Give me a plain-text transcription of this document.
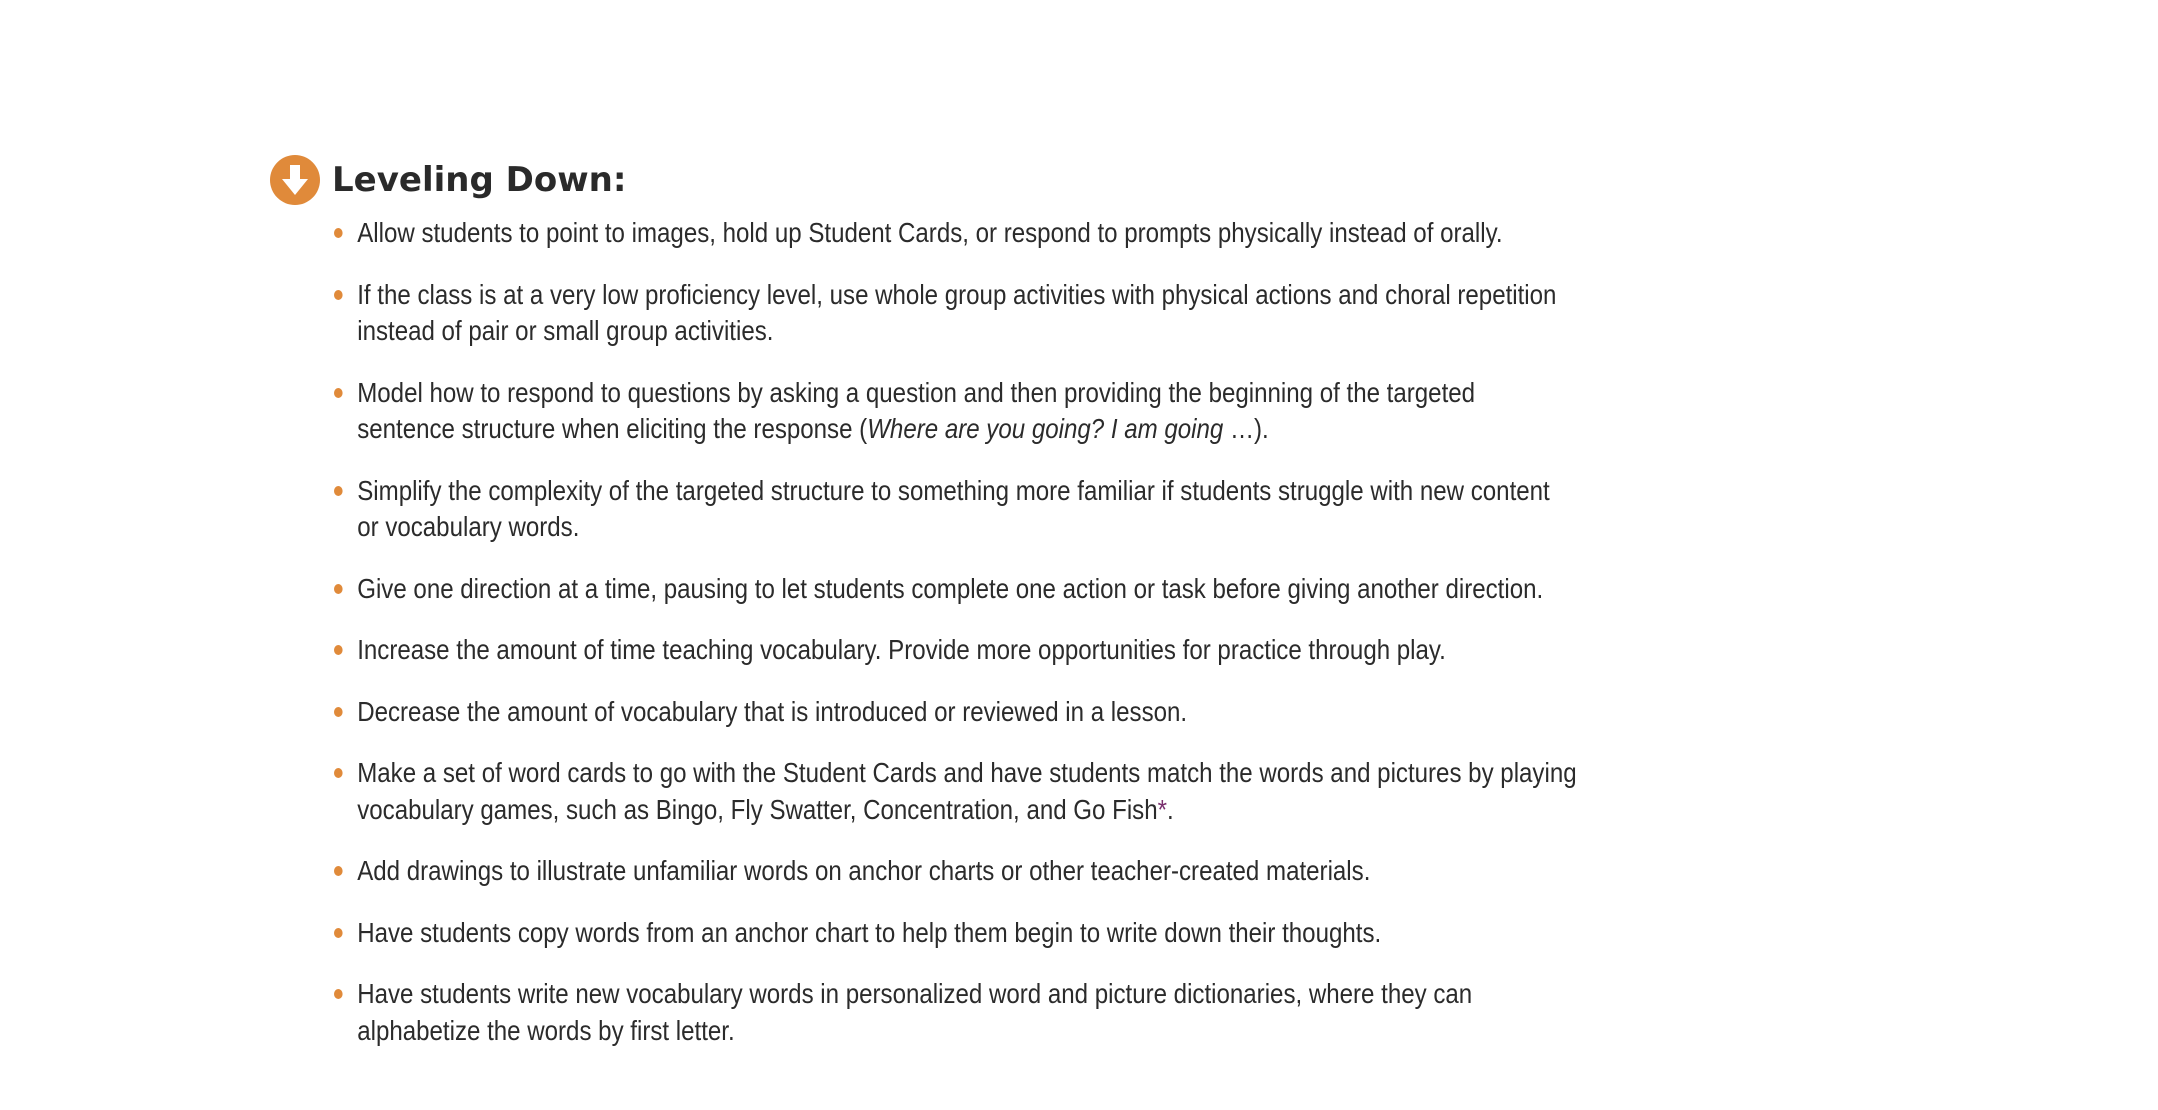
Leveling Down:
Allow students to point to images, hold up Student Cards, or respond to prompts physically instead of orally.
If the class is at a very low proficiency level, use whole group activities with physical actions and choral repetition
instead of pair or small group activities.
Model how to respond to questions by asking a question and then providing the beginning of the targeted
sentence structure when eliciting the response (Where are you going? I am going …).
Simplify the complexity of the targeted structure to something more familiar if students struggle with new content
or vocabulary words.
Give one direction at a time, pausing to let students complete one action or task before giving another direction.
Increase the amount of time teaching vocabulary. Provide more opportunities for practice through play.
Decrease the amount of vocabulary that is introduced or reviewed in a lesson.
Make a set of word cards to go with the Student Cards and have students match the words and pictures by playing
vocabulary games, such as Bingo, Fly Swatter, Concentration, and Go Fish*.
Add drawings to illustrate unfamiliar words on anchor charts or other teacher-created materials.
Have students copy words from an anchor chart to help them begin to write down their thoughts.
Have students write new vocabulary words in personalized word and picture dictionaries, where they can
alphabetize the words by first letter.
